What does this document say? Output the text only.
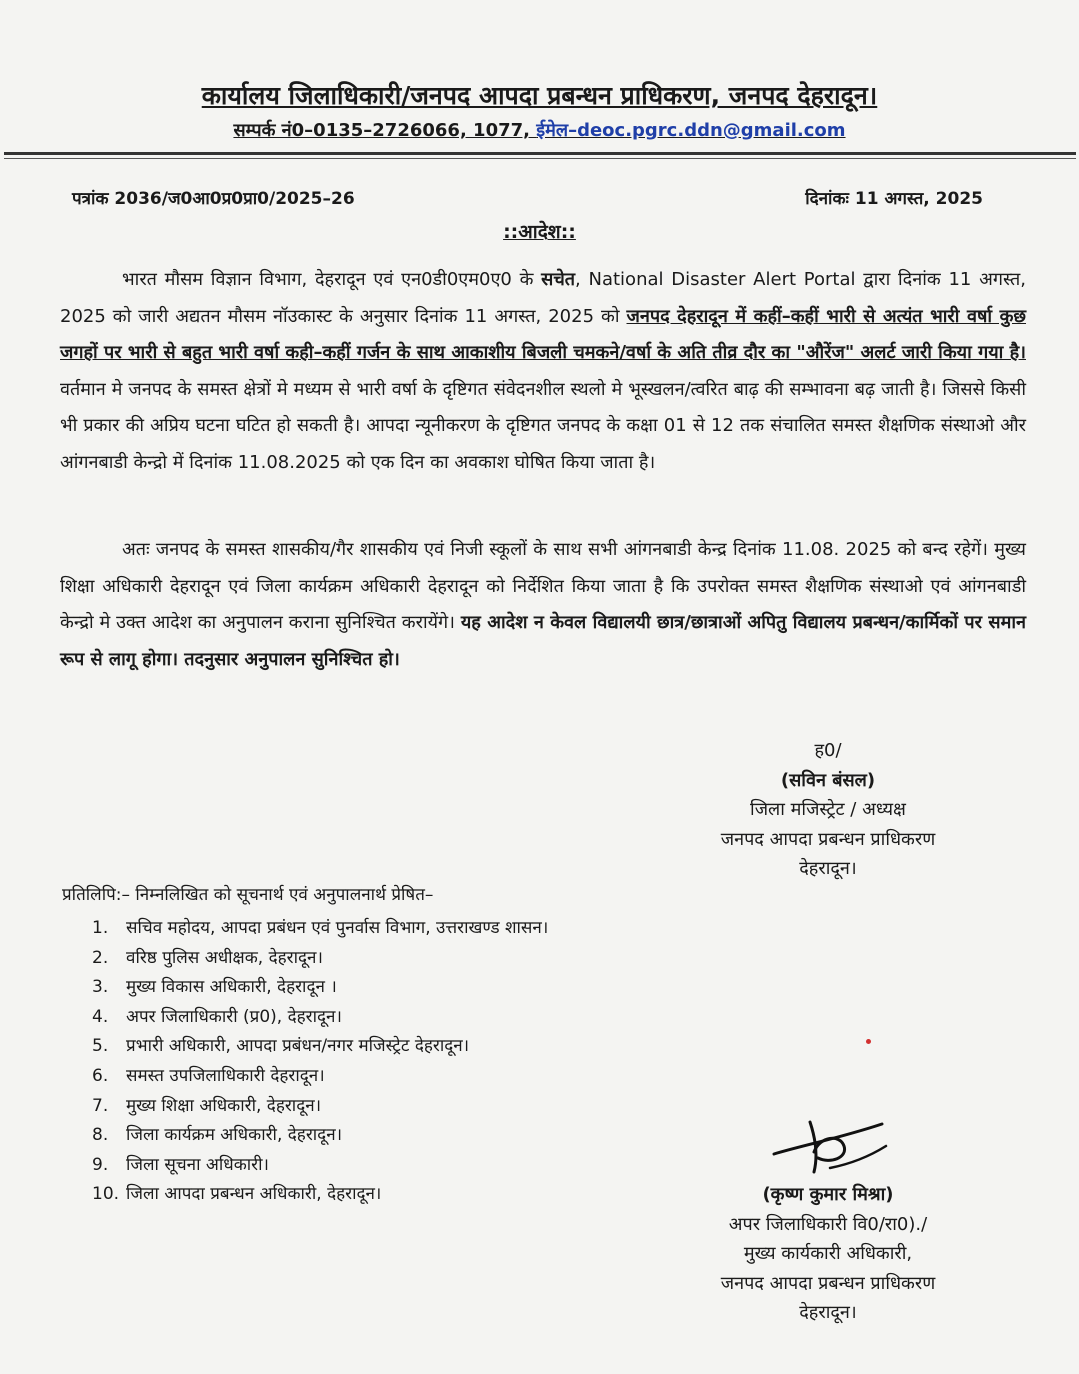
कार्यालय जिलाधिकारी/जनपद आपदा प्रबन्धन प्राधिकरण, जनपद देहरादून।
सम्पर्क नं0–0135–2726066, 1077, ईमेल–deoc.pgrc.ddn@gmail.com
पत्रांक 2036/ज0आ0प्र0प्रा0/2025–26	दिनांकः 11 अगस्त, 2025
::आदेश::
भारत मौसम विज्ञान विभाग, देहरादून एवं एन0डी0एम0ए0 के सचेत, National Disaster Alert Portal द्वारा दिनांक 11 अगस्त, 2025 को जारी अद्यतन मौसम नॉउकास्ट के अनुसार दिनांक 11 अगस्त, 2025 को जनपद देहरादून में कहीं–कहीं भारी से अत्यंत भारी वर्षा कुछ जगहों पर भारी से बहुत भारी वर्षा कही–कहीं गर्जन के साथ आकाशीय बिजली चमकने/वर्षा के अति तीव्र दौर का "औरेंज" अलर्ट जारी किया गया है। वर्तमान मे जनपद के समस्त क्षेत्रों मे मध्यम से भारी वर्षा के दृष्टिगत संवेदनशील स्थलो मे भूस्खलन/त्वरित बाढ़ की सम्भावना बढ़ जाती है। जिससे किसी भी प्रकार की अप्रिय घटना घटित हो सकती है। आपदा न्यूनीकरण के दृष्टिगत जनपद के कक्षा 01 से 12 तक संचालित समस्त शैक्षणिक संस्थाओ और आंगनबाडी केन्द्रो में दिनांक 11.08.2025 को एक दिन का अवकाश घोषित किया जाता है।
अतः जनपद के समस्त शासकीय/गैर शासकीय एवं निजी स्कूलों के साथ सभी आंगनबाडी केन्द्र दिनांक 11.08. 2025 को बन्द रहेगें। मुख्य शिक्षा अधिकारी देहरादून एवं जिला कार्यक्रम अधिकारी देहरादून को निर्देशित किया जाता है कि उपरोक्त समस्त शैक्षणिक संस्थाओ एवं आंगनबाडी केन्द्रो मे उक्त आदेश का अनुपालन कराना सुनिश्चित करायेंगे। यह आदेश न केवल विद्यालयी छात्र/छात्राओं अपितु विद्यालय प्रबन्धन/कार्मिकों पर समान रूप से लागू होगा। तदनुसार अनुपालन सुनिश्चित हो।
ह0/
(सविन बंसल)
जिला मजिस्ट्रेट / अध्यक्ष
जनपद आपदा प्रबन्धन प्राधिकरण
देहरादून।
प्रतिलिपि:– निम्नलिखित को सूचनार्थ एवं अनुपालनार्थ प्रेषित–
1.	सचिव महोदय, आपदा प्रबंधन एवं पुनर्वास विभाग, उत्तराखण्ड शासन।
2.	वरिष्ठ पुलिस अधीक्षक, देहरादून।
3.	मुख्य विकास अधिकारी, देहरादून ।
4.	अपर जिलाधिकारी (प्र0), देहरादून।
5.	प्रभारी अधिकारी, आपदा प्रबंधन/नगर मजिस्ट्रेट देहरादून।
6.	समस्त उपजिलाधिकारी देहरादून।
7.	मुख्य शिक्षा अधिकारी, देहरादून।
8.	जिला कार्यक्रम अधिकारी, देहरादून।
9.	जिला सूचना अधिकारी।
10. जिला आपदा प्रबन्धन अधिकारी, देहरादून।	(कृष्ण कुमार मिश्रा)
अपर जिलाधिकारी वि0/रा0)./
मुख्य कार्यकारी अधिकारी,
जनपद आपदा प्रबन्धन प्राधिकरण
देहरादून।
